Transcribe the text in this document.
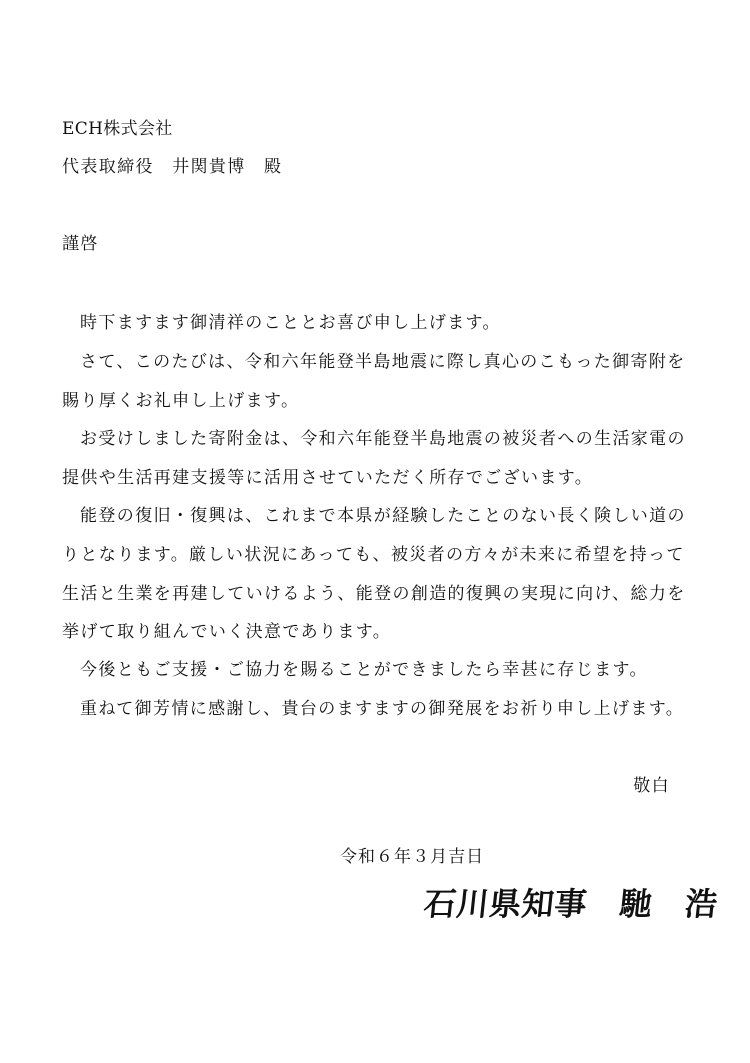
ECH株式会社
代表取締役　井関貴博　殿
謹啓
時下ますます御清祥のこととお喜び申し上げます。
さて、このたびは、令和六年能登半島地震に際し真心のこもった御寄附を
賜り厚くお礼申し上げます。
お受けしました寄附金は、令和六年能登半島地震の被災者への生活家電の
提供や生活再建支援等に活用させていただく所存でございます。
能登の復旧・復興は、これまで本県が経験したことのない長く険しい道の
りとなります。厳しい状況にあっても、被災者の方々が未来に希望を持って
生活と生業を再建していけるよう、能登の創造的復興の実現に向け、総力を
挙げて取り組んでいく決意であります。
今後ともご支援・ご協力を賜ることができましたら幸甚に存じます。
重ねて御芳情に感謝し、貴台のますますの御発展をお祈り申し上げます。
敬白
令和６年３月吉日
石川県知事　馳　浩
